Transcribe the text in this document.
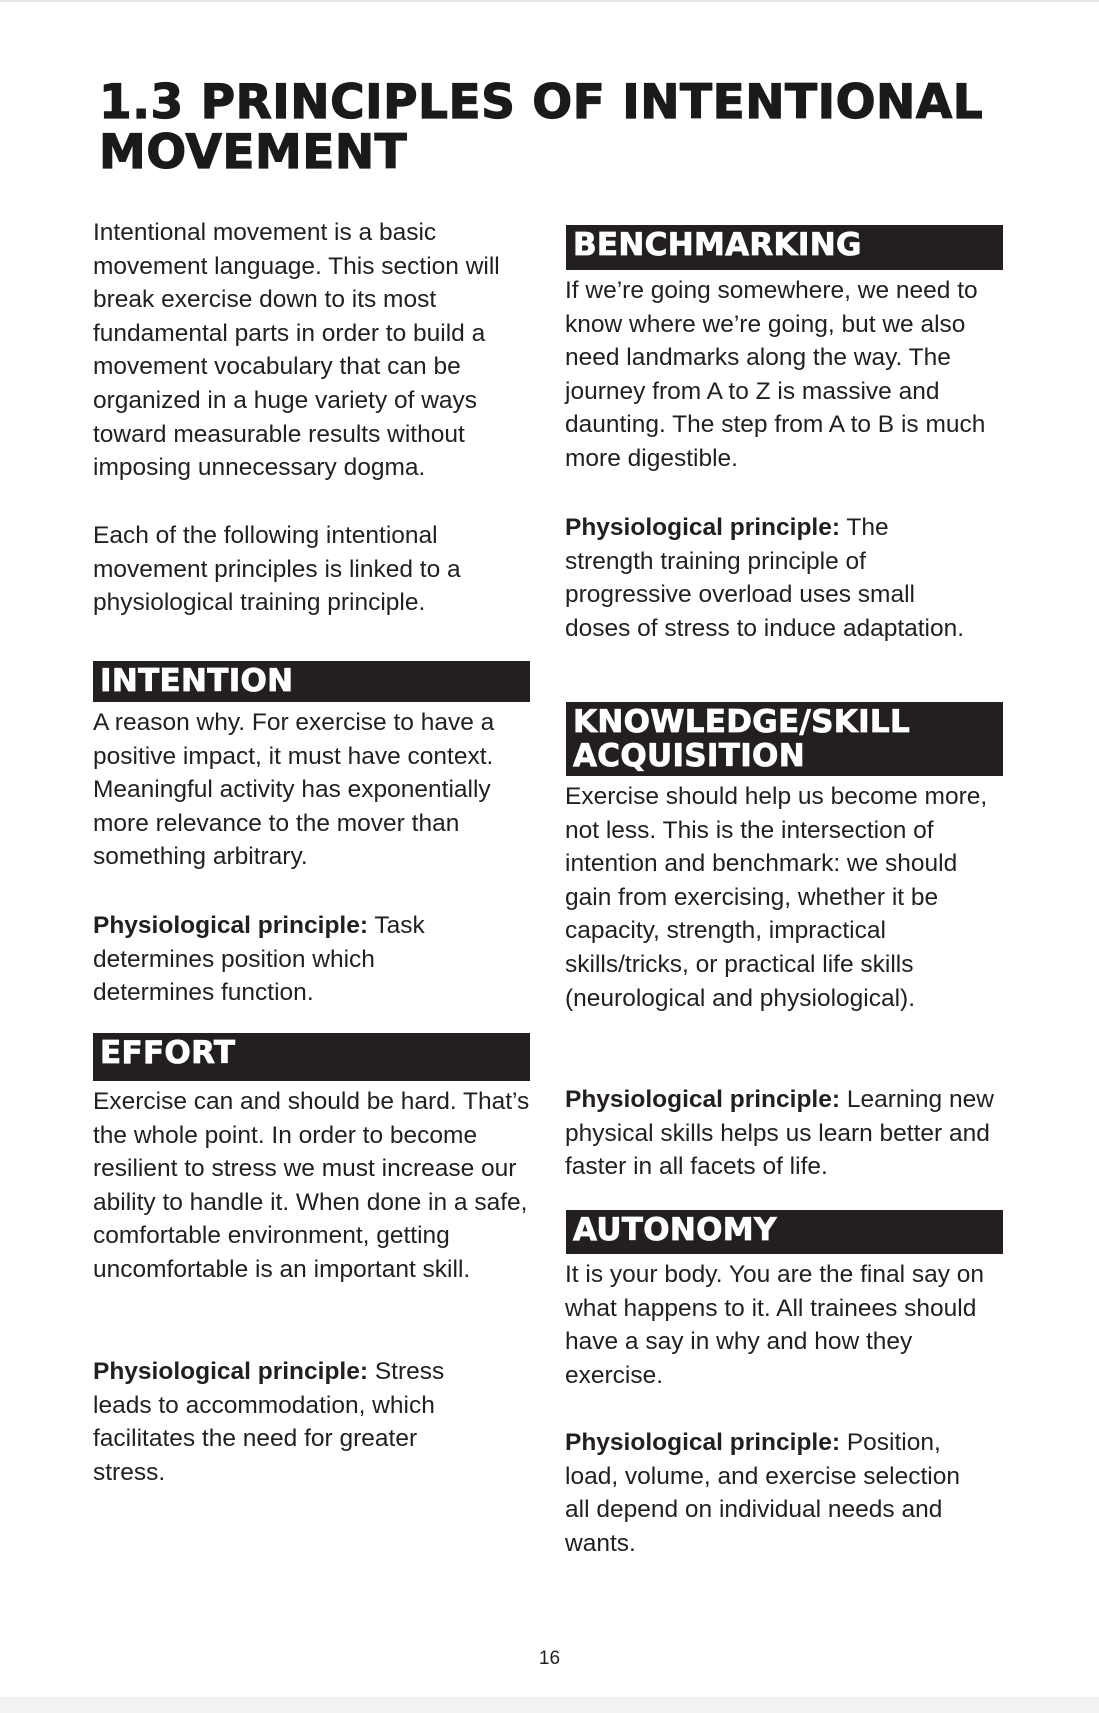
1.3 PRINCIPLES OF INTENTIONAL
MOVEMENT

Intentional movement is a basic movement language. This section will break exercise down to its most fundamental parts in order to build a movement vocabulary that can be organized in a huge variety of ways toward measurable results without imposing unnecessary dogma.

Each of the following intentional movement principles is linked to a physiological training principle.

INTENTION

A reason why. For exercise to have a positive impact, it must have context. Meaningful activity has exponentially more relevance to the mover than something arbitrary.

Physiological principle: Task determines position which determines function.

EFFORT

Exercise can and should be hard. That’s the whole point. In order to become resilient to stress we must increase our ability to handle it. When done in a safe, comfortable environment, getting uncomfortable is an important skill.

Physiological principle: Stress leads to accommodation, which facilitates the need for greater stress.

BENCHMARKING

If we’re going somewhere, we need to know where we’re going, but we also need landmarks along the way. The journey from A to Z is massive and daunting. The step from A to B is much more digestible.

Physiological principle: The strength training principle of progressive overload uses small doses of stress to induce adaptation.

KNOWLEDGE/SKILL
ACQUISITION

Exercise should help us become more, not less. This is the intersection of intention and benchmark: we should gain from exercising, whether it be capacity, strength, impractical skills/tricks, or practical life skills (neurological and physiological).

Physiological principle: Learning new physical skills helps us learn better and faster in all facets of life.

AUTONOMY

It is your body. You are the final say on what happens to it. All trainees should have a say in why and how they exercise.

Physiological principle: Position, load, volume, and exercise selection all depend on individual needs and wants.

16
